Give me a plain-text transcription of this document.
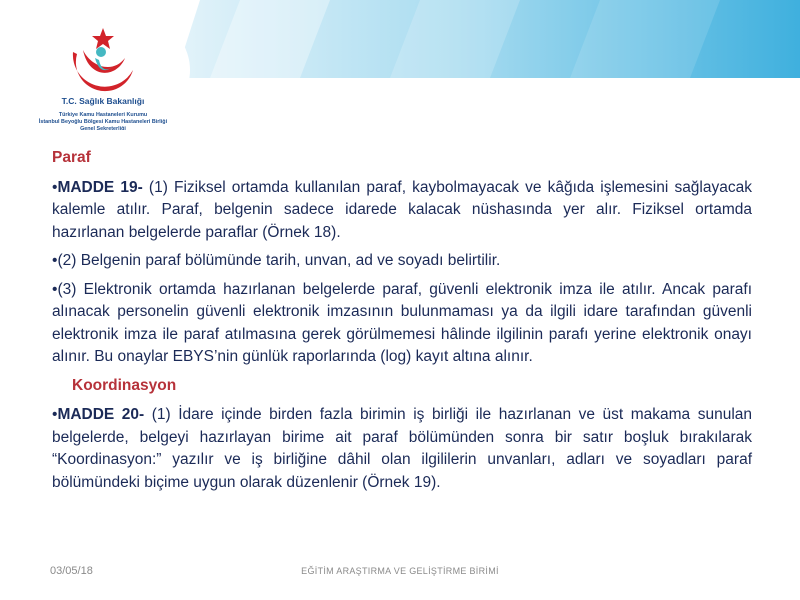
T.C. Sağlık Bakanlığı
Türkiye Kamu Hastaneleri Kurumu
İstanbul Beyoğlu Bölgesi Kamu Hastaneleri Birliği
Genel Sekreterliği
Paraf

•MADDE 19- (1) Fiziksel ortamda kullanılan paraf, kaybolmayacak ve kâğıda işlemesini sağlayacak kalemle atılır. Paraf, belgenin sadece idarede kalacak nüshasında yer alır. Fiziksel ortamda hazırlanan belgelerde paraflar (Örnek 18).

•(2) Belgenin paraf bölümünde tarih, unvan, ad ve soyadı belirtilir.

•(3) Elektronik ortamda hazırlanan belgelerde paraf, güvenli elektronik imza ile atılır. Ancak parafı alınacak personelin güvenli elektronik imzasının bulunmaması ya da ilgili idare tarafından güvenli elektronik imza ile paraf atılmasına gerek görülmemesi hâlinde ilgilinin parafı yerine elektronik onayı alınır. Bu onaylar EBYS’nin günlük raporlarında (log) kayıt altına alınır.

Koordinasyon

•MADDE 20- (1) İdare içinde birden fazla birimin iş birliği ile hazırlanan ve üst makama sunulan belgelerde, belgeyi hazırlayan birime ait paraf bölümünden sonra bir satır boşluk bırakılarak “Koordinasyon:” yazılır ve iş birliğine dâhil olan ilgililerin unvanları, adları ve soyadları paraf bölümündeki biçime uygun olarak düzenlenir (Örnek 19).

03/05/18	EĞİTİM ARAŞTIRMA VE GELİŞTİRME BİRİMİ
